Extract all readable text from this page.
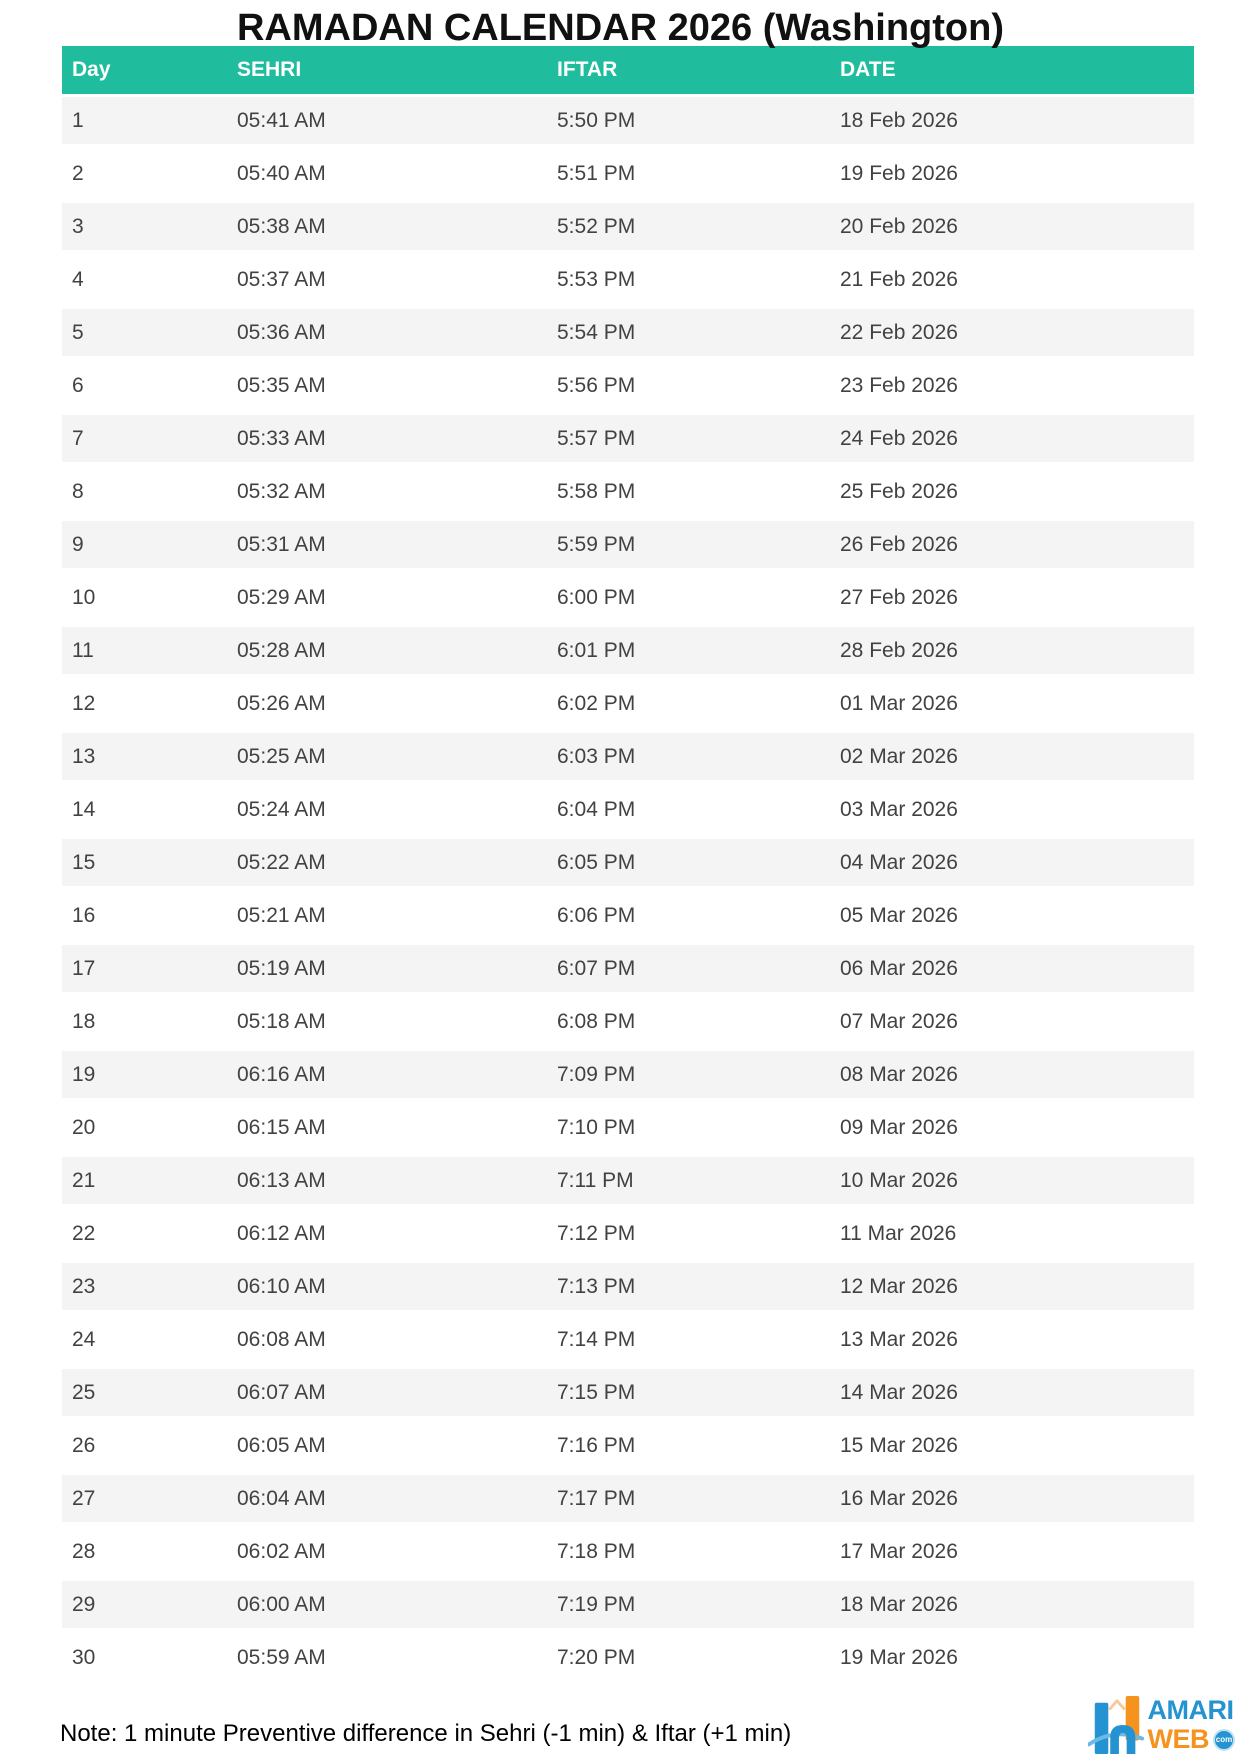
RAMADAN CALENDAR 2026 (Washington)
Day	SEHRI	IFTAR	DATE
1	05:41 AM	5:50 PM	18 Feb 2026
2	05:40 AM	5:51 PM	19 Feb 2026
3	05:38 AM	5:52 PM	20 Feb 2026
4	05:37 AM	5:53 PM	21 Feb 2026
5	05:36 AM	5:54 PM	22 Feb 2026
6	05:35 AM	5:56 PM	23 Feb 2026
7	05:33 AM	5:57 PM	24 Feb 2026
8	05:32 AM	5:58 PM	25 Feb 2026
9	05:31 AM	5:59 PM	26 Feb 2026
10	05:29 AM	6:00 PM	27 Feb 2026
11	05:28 AM	6:01 PM	28 Feb 2026
12	05:26 AM	6:02 PM	01 Mar 2026
13	05:25 AM	6:03 PM	02 Mar 2026
14	05:24 AM	6:04 PM	03 Mar 2026
15	05:22 AM	6:05 PM	04 Mar 2026
16	05:21 AM	6:06 PM	05 Mar 2026
17	05:19 AM	6:07 PM	06 Mar 2026
18	05:18 AM	6:08 PM	07 Mar 2026
19	06:16 AM	7:09 PM	08 Mar 2026
20	06:15 AM	7:10 PM	09 Mar 2026
21	06:13 AM	7:11 PM	10 Mar 2026
22	06:12 AM	7:12 PM	11 Mar 2026
23	06:10 AM	7:13 PM	12 Mar 2026
24	06:08 AM	7:14 PM	13 Mar 2026
25	06:07 AM	7:15 PM	14 Mar 2026
26	06:05 AM	7:16 PM	15 Mar 2026
27	06:04 AM	7:17 PM	16 Mar 2026
28	06:02 AM	7:18 PM	17 Mar 2026
29	06:00 AM	7:19 PM	18 Mar 2026
30	05:59 AM	7:20 PM	19 Mar 2026
Note: 1 minute Preventive difference in Sehri (-1 min) & Iftar (+1 min)
AMARI
WEB com
